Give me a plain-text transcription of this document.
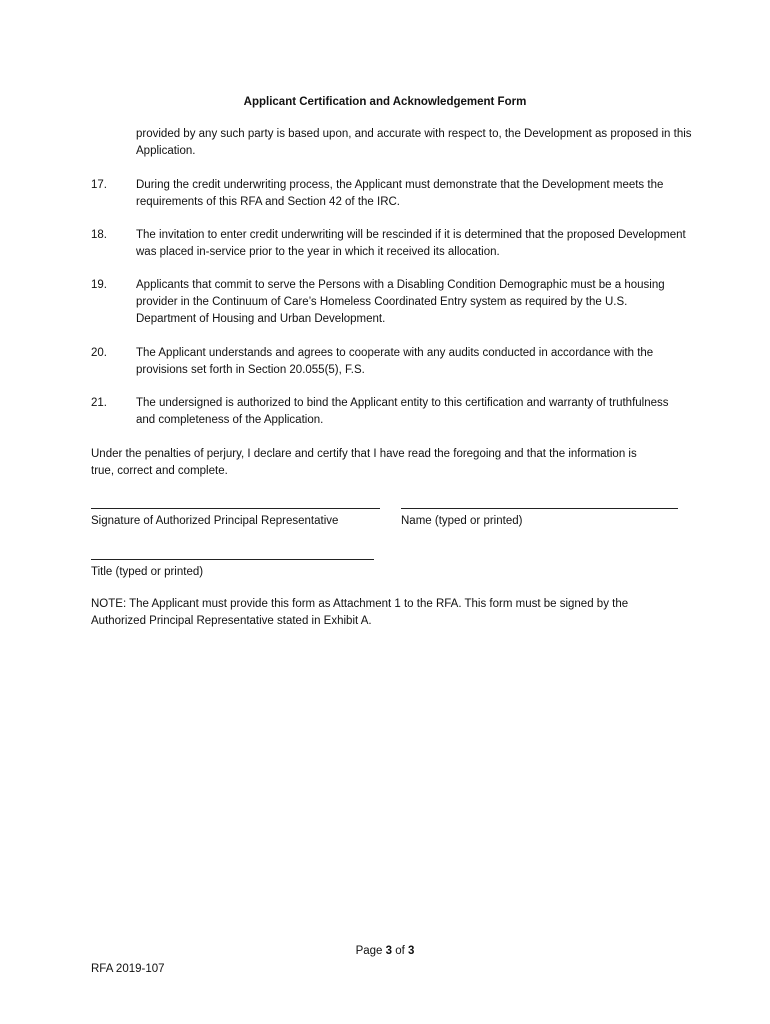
Applicant Certification and Acknowledgement Form
provided by any such party is based upon, and accurate with respect to, the Development as proposed in this Application.
17.	During the credit underwriting process, the Applicant must demonstrate that the Development meets the requirements of this RFA and Section 42 of the IRC.
18.	The invitation to enter credit underwriting will be rescinded if it is determined that the proposed Development was placed in-service prior to the year in which it received its allocation.
19.	Applicants that commit to serve the Persons with a Disabling Condition Demographic must be a housing provider in the Continuum of Care’s Homeless Coordinated Entry system as required by the U.S. Department of Housing and Urban Development.
20.	The Applicant understands and agrees to cooperate with any audits conducted in accordance with the provisions set forth in Section 20.055(5), F.S.
21.	The undersigned is authorized to bind the Applicant entity to this certification and warranty of truthfulness and completeness of the Application.
Under the penalties of perjury, I declare and certify that I have read the foregoing and that the information is true, correct and complete.
Signature of Authorized Principal Representative	Name (typed or printed)
Title (typed or printed)
NOTE: The Applicant must provide this form as Attachment 1 to the RFA. This form must be signed by the Authorized Principal Representative stated in Exhibit A.
Page 3 of 3
RFA 2019-107
